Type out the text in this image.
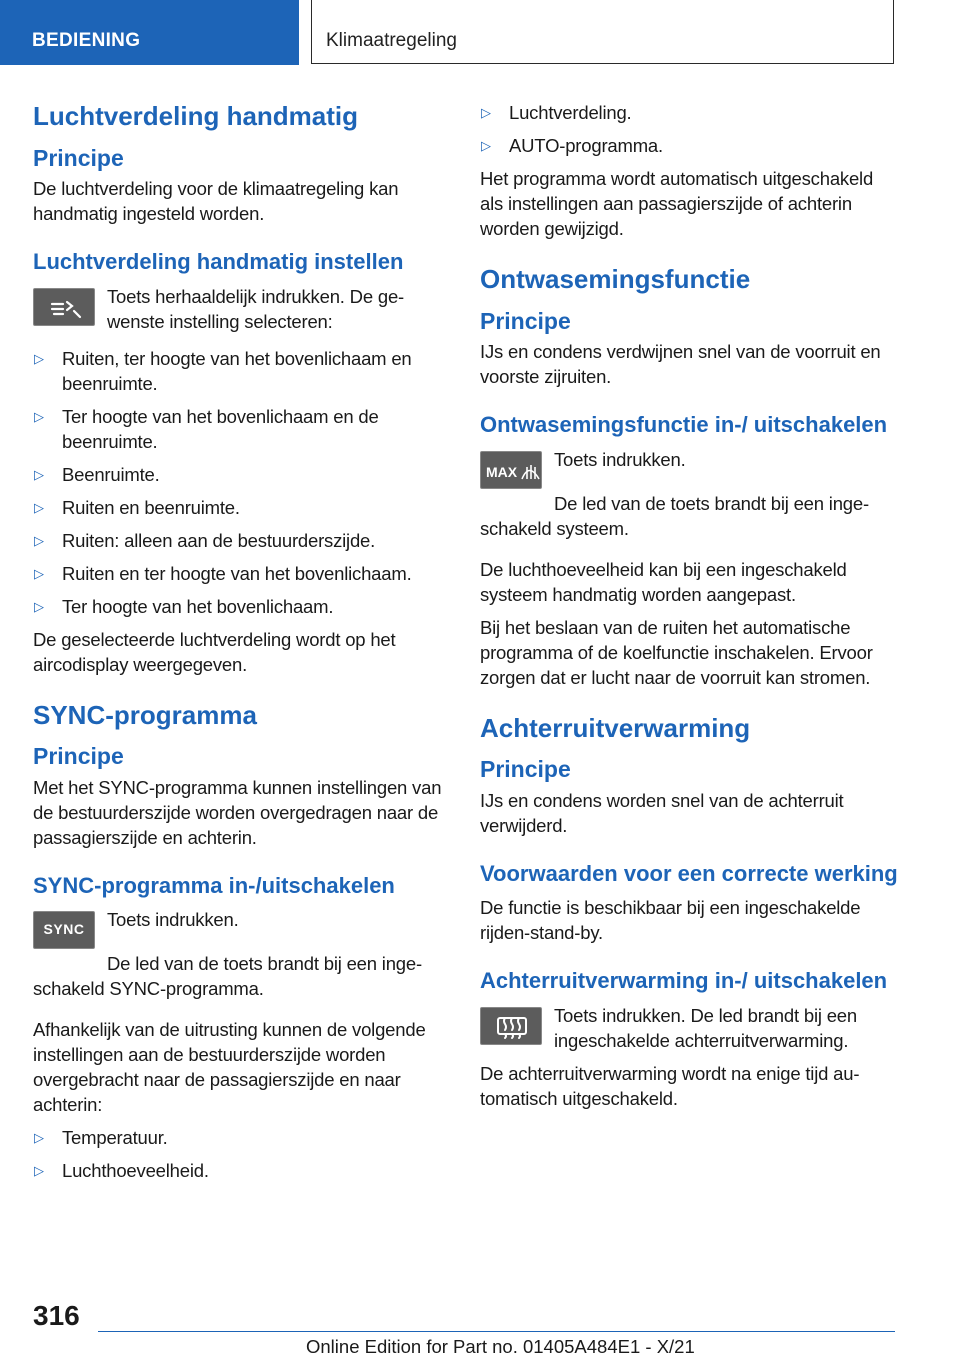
BEDIENING	Klimaatregeling
Luchtverdeling handmatig
Principe

De luchtverdeling voor de klimaatregeling kan handmatig ingesteld worden.

Luchtverdeling handmatig instellen

Toets herhaaldelijk indrukken. De gewenste instelling selecteren:

▷ Ruiten, ter hoogte van het bovenlichaam en beenruimte.
▷ Ter hoogte van het bovenlichaam en de beenruimte.
▷ Beenruimte.
▷ Ruiten en beenruimte.
▷ Ruiten: alleen aan de bestuurderszijde.
▷ Ruiten en ter hoogte van het bovenlichaam.
▷ Ter hoogte van het bovenlichaam.

De geselecteerde luchtverdeling wordt op het aircodisplay weergegeven.

SYNC-programma
Principe

Met het SYNC-programma kunnen instellingen van de bestuurderszijde worden overgedragen naar de passagierszijde en achterin.

SYNC-programma in-/uitschakelen
SYNC	Toets indrukken.

De led van de toets brandt bij een ingeschakeld SYNC-programma.

Afhankelijk van de uitrusting kunnen de volgende instellingen aan de bestuurderszijde worden overgebracht naar de passagierszijde en naar achterin:

▷ Temperatuur.
▷ Luchthoeveelheid.
▷ Luchtverdeling.
▷ AUTO-programma.

Het programma wordt automatisch uitgeschakeld als instellingen aan passagierszijde of achterin worden gewijzigd.

Ontwasemingsfunctie
Principe

IJs en condens verdwijnen snel van de voorruit en voorste zijruiten.

Ontwasemingsfunctie in-/ uitschakelen
MAX

Toets indrukken.

De led van de toets brandt bij een ingeschakeld systeem.

De luchthoeveelheid kan bij een ingeschakeld systeem handmatig worden aangepast.

Bij het beslaan van de ruiten het automatische programma of de koelfunctie inschakelen. Ervoor zorgen dat er lucht naar de voorruit kan stromen.

Achterruitverwarming
Principe

IJs en condens worden snel van de achterruit verwijderd.

Voorwaarden voor een correcte werking

De functie is beschikbaar bij een ingeschakelde rijden-stand-by.

Achterruitverwarming in-/ uitschakelen

Toets indrukken. De led brandt bij een ingeschakelde achterruitverwarming.

De achterruitverwarming wordt na enige tijd automatisch uitgeschakeld.

316
Online Edition for Part no. 01405A484E1 - X/21
